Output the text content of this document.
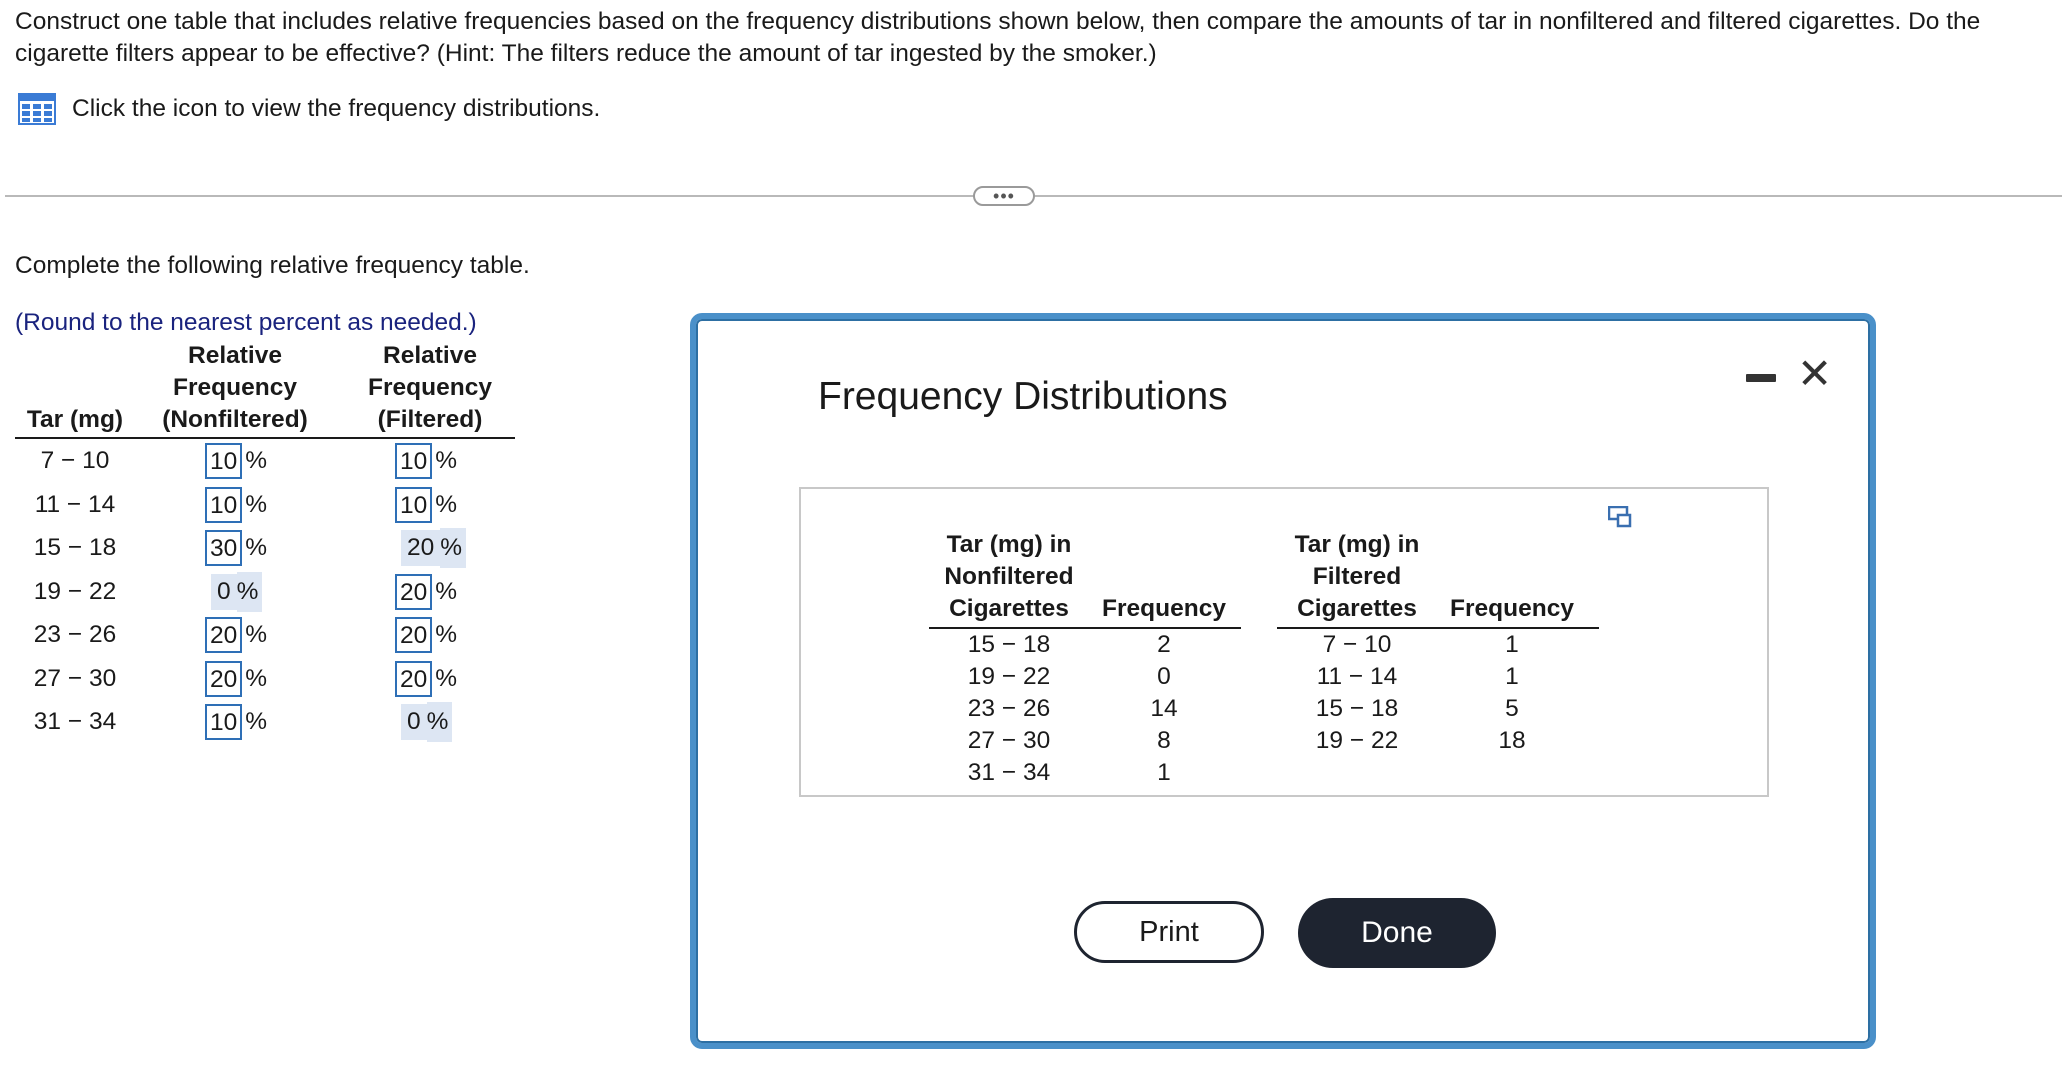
Construct one table that includes relative frequencies based on the frequency distributions shown below, then compare the amounts of tar in nonfiltered and filtered cigarettes. Do the cigarette filters appear to be effective? (Hint: The filters reduce the amount of tar ingested by the smoker.)

Click the icon to view the frequency distributions.
•••
Complete the following relative frequency table.
(Round to the nearest percent as needed.)

Tar (mg)
Relative
Frequency
(Nonfiltered)
Relative
Frequency
(Filtered)
7 − 10	10 %	10 %
11 − 14	10 %	10 %
15 − 18	30 %	20 %
19 − 22	0 %	20 %
23 − 26	20 %	20 %
27 − 30	20 %	20 %
31 − 34	10 %	0 %
Frequency Distributions	✕
Tar (mg) in
Nonfiltered
Cigarettes	Frequency
15 − 18	2
19 − 22	0
23 − 26	14
27 − 30	8
31 − 34	1
Tar (mg) in
Filtered
Cigarettes	Frequency
7 − 10	1
11 − 14	1
15 − 18	5
19 − 22	18
Print	Done
